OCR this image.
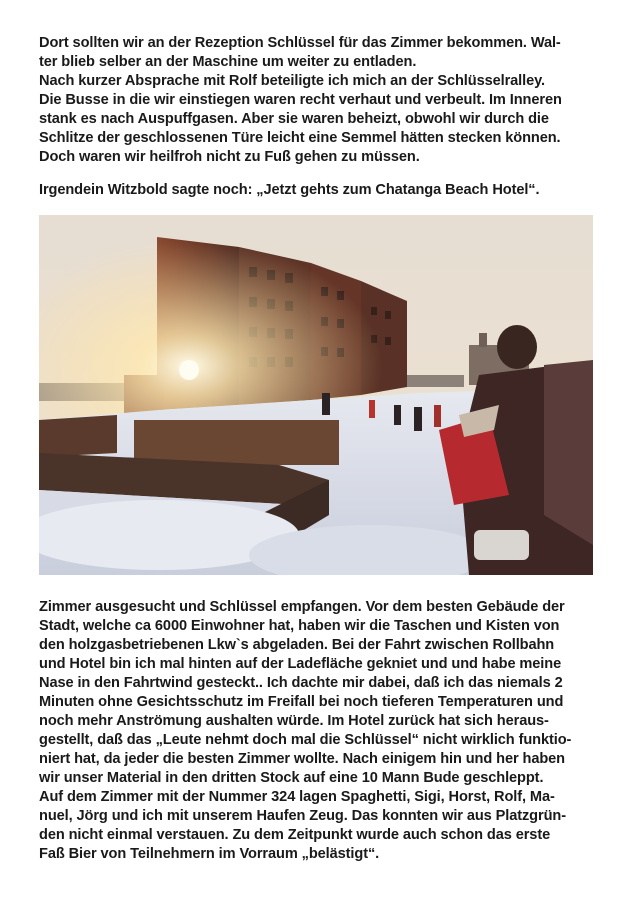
Dort sollten wir an der Rezeption Schlüssel für das Zimmer bekommen. Wal-
ter blieb selber an der Maschine um weiter zu entladen.
Nach kurzer Absprache mit Rolf beteiligte ich mich an der Schlüsselralley.
Die Busse in die wir einstiegen waren recht verhaut und verbeult. Im Inneren
stank es nach Auspuffgasen. Aber sie waren beheizt, obwohl wir durch die
Schlitze der geschlossenen Türe leicht eine Semmel hätten stecken können.
Doch waren wir heilfroh nicht zu Fuß gehen zu müssen.
Irgendein Witzbold sagte noch: „Jetzt gehts zum Chatanga Beach Hotel“.
Zimmer ausgesucht und Schlüssel empfangen. Vor dem besten Gebäude der
Stadt, welche ca 6000 Einwohner hat, haben wir die Taschen und Kisten von
den holzgasbetriebenen Lkw`s abgeladen. Bei der Fahrt zwischen Rollbahn
und Hotel bin ich mal hinten auf der Ladefläche gekniet und und habe meine
Nase in den Fahrtwind gesteckt.. Ich dachte mir dabei, daß ich das niemals 2
Minuten ohne Gesichtsschutz im Freifall bei noch tieferen Temperaturen und
noch mehr Anströmung aushalten würde. Im Hotel zurück hat sich heraus-
gestellt, daß das „Leute nehmt doch mal die Schlüssel“ nicht wirklich funktio-
niert hat, da jeder die besten Zimmer wollte. Nach einigem hin und her haben
wir unser Material in den dritten Stock auf eine 10 Mann Bude geschleppt.
Auf dem Zimmer mit der Nummer 324 lagen Spaghetti, Sigi, Horst, Rolf, Ma-
nuel, Jörg und ich mit unserem Haufen Zeug. Das konnten wir aus Platzgrün-
den nicht einmal verstauen. Zu dem Zeitpunkt wurde auch schon das erste
Faß Bier von Teilnehmern im Vorraum „belästigt“.
